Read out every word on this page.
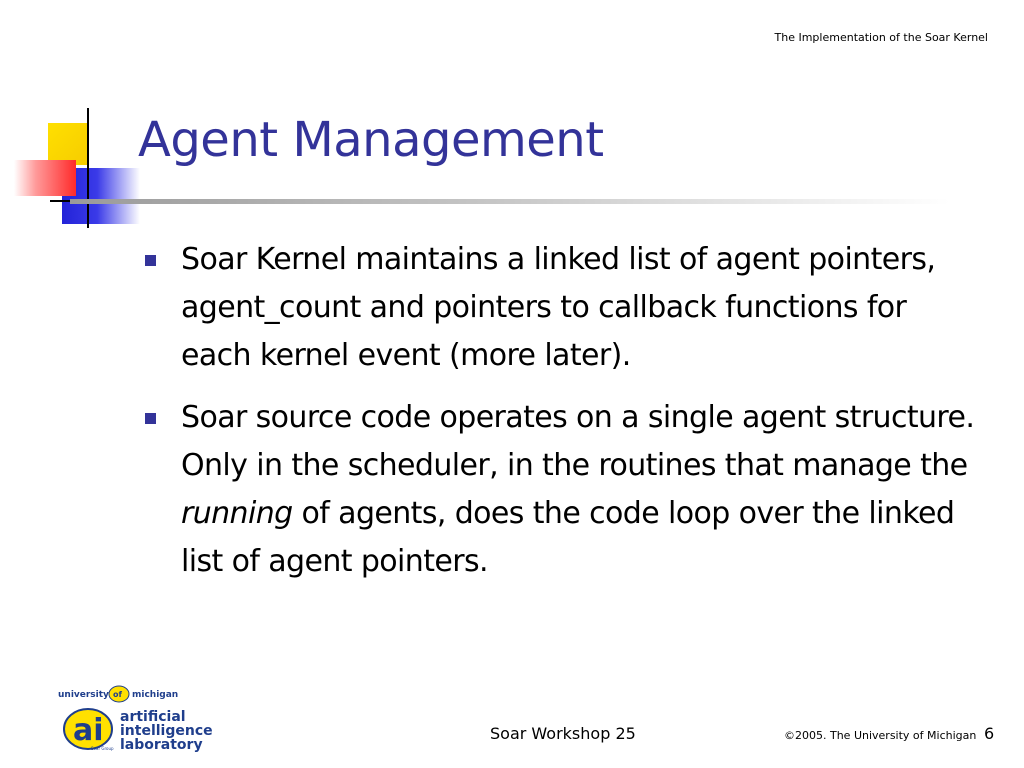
The Implementation of the Soar Kernel
Agent Management
Soar Kernel maintains a linked list of agent pointers, agent_count and pointers to callback functions for each kernel event (more later).
Soar source code operates on a single agent structure. Only in the scheduler, in the routines that manage the running of agents, does the code loop over the linked list of agent pointers.
university of michigan
ai
Soar Group
artificial
intelligence
laboratory
Soar Workshop 25	©2005. The University of Michigan 6
